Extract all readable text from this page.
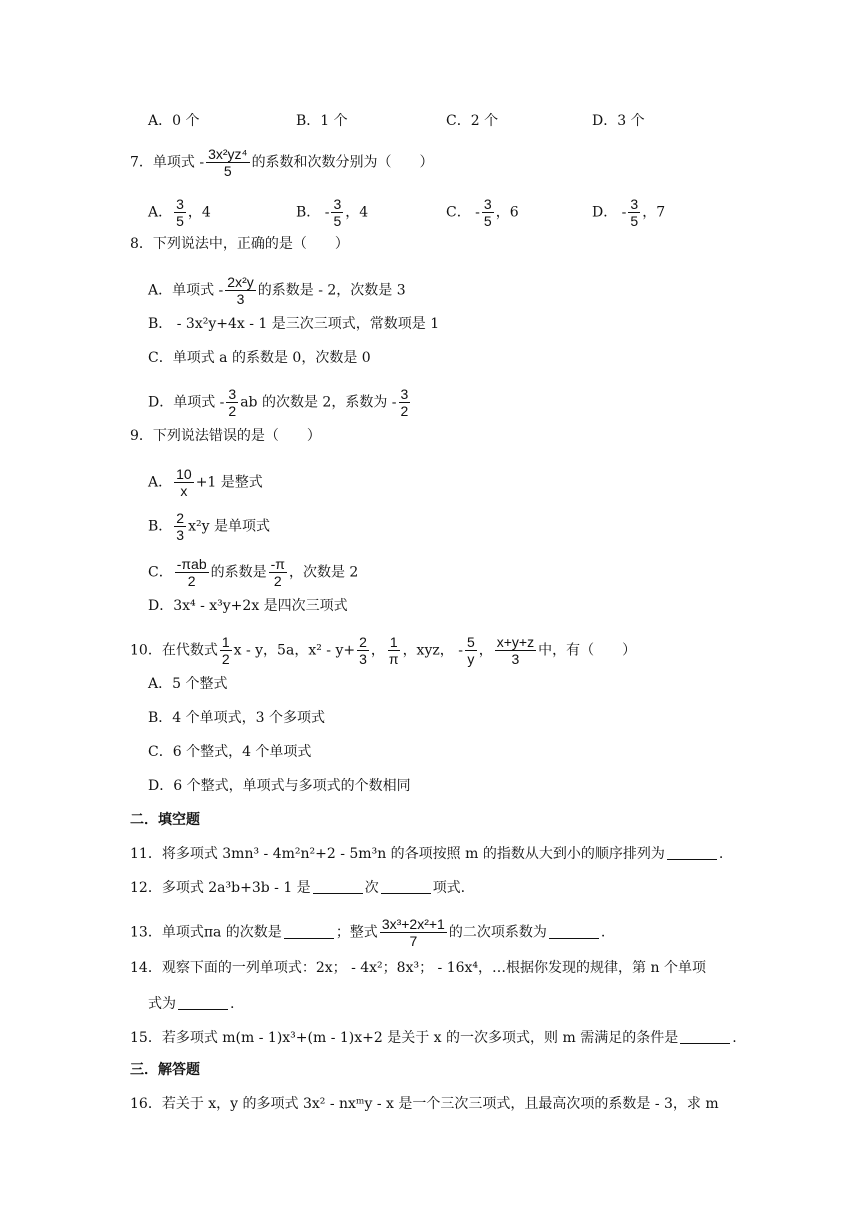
A．0 个	B．1 个	C．2 个	D．3 个
7．单项式 - $\frac{\text{3x²yz⁴}}{5}$ 的系数和次数分别为（　　）
A． $\frac{3}{5}$ ，4	B． - $\frac{3}{5}$ ，4	C． - $\frac{3}{5}$ ，6	D． - $\frac{3}{5}$ ，7
8．下列说法中，正确的是（　　）
A．单项式 - $\frac{\text{2x²y}}{3}$ 的系数是 - 2，次数是 3
B． - 3x²y+4x - 1 是三次三项式，常数项是 1
C．单项式 a 的系数是 0，次数是 0
D．单项式 - $\frac{3}{2}$ ab 的次数是 2，系数为 - $\frac{3}{2}$
9．下列说法错误的是（　　）
A． $\frac{10}{x} +1$ 是整式
B． $\frac{2}{3} x^2y$ 是单项式
C． $\frac{\text{-πab}}{2}$ 的系数是 $\frac{-\pi}{2}$ ，次数是 2
D．3x⁴ - x³y+2x 是四次三项式
10．在代数式 $\frac{1}{2}$ x - y，5a，$x^2 - y+ \frac{2}{3}$ ， $\frac{1}{\pi}$ ，xyz， - $\frac{5}{y}$ ， $\frac{x+y+z}{3}$ 中，有（　　）
A．5 个整式
B．4 个单项式，3 个多项式
C．6 个整式，4 个单项式
D．6 个整式，单项式与多项式的个数相同
二．填空题
11．将多项式 3mn³ - 4m²n²+2 - 5m³n 的各项按照 m 的指数从大到小的顺序排列为	.
12．多项式 2a³b+3b - 1 是	次	项式.
13．单项式πa 的次数是	；整式 $\frac{\text{3x³+2x²+1}}{7}$ 的二次项系数为	.
14．观察下面的一列单项式：2x； - 4x²；8x³； - 16x⁴，…根据你发现的规律，第 n 个单项
式为	.
15．若多项式 m(m - 1)x³+(m - 1)x+2 是关于 x 的一次多项式，则 m 需满足的条件是	.
三．解答题
16．若关于 x，y 的多项式 3x² - nxᵐy - x 是一个三次三项式，且最高次项的系数是 - 3，求 m
